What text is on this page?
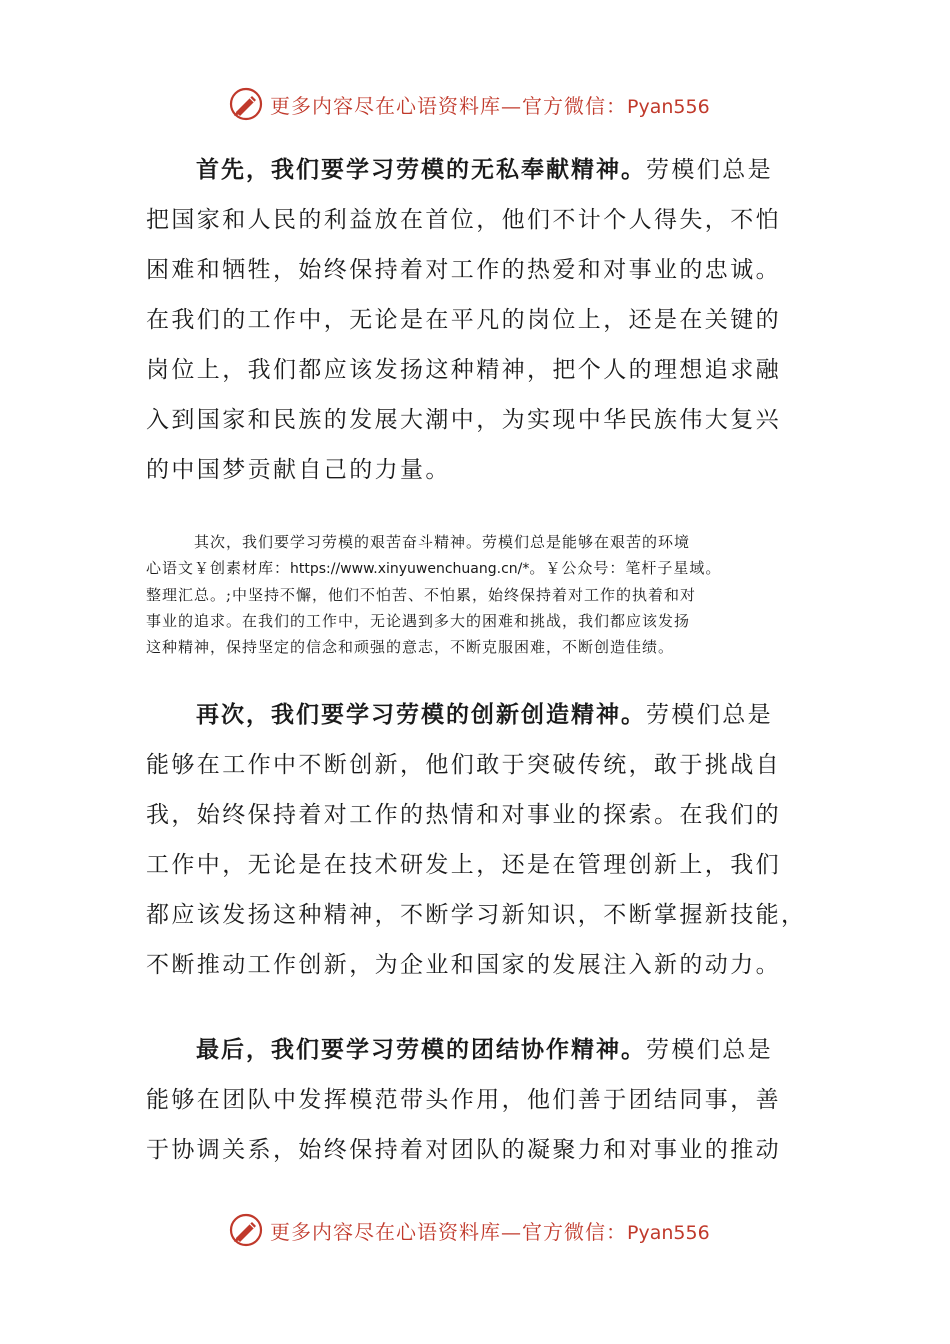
更多内容尽在心语资料库—官方微信：Pyan556
首先，我们要学习劳模的无私奉献精神。劳模们总是
把国家和人民的利益放在首位，他们不计个人得失，不怕
困难和牺牲，始终保持着对工作的热爱和对事业的忠诚。
在我们的工作中，无论是在平凡的岗位上，还是在关键的
岗位上，我们都应该发扬这种精神，把个人的理想追求融
入到国家和民族的发展大潮中，为实现中华民族伟大复兴
的中国梦贡献自己的力量。
其次，我们要学习劳模的艰苦奋斗精神。劳模们总是能够在艰苦的环境
心语文￥创素材库：https://www.xinyuwenchuang.cn/*。￥公众号：笔杆子星域。
整理汇总。;中坚持不懈，他们不怕苦、不怕累，始终保持着对工作的执着和对
事业的追求。在我们的工作中，无论遇到多大的困难和挑战，我们都应该发扬
这种精神，保持坚定的信念和顽强的意志，不断克服困难，不断创造佳绩。
再次，我们要学习劳模的创新创造精神。劳模们总是
能够在工作中不断创新，他们敢于突破传统，敢于挑战自
我，始终保持着对工作的热情和对事业的探索。在我们的
工作中，无论是在技术研发上，还是在管理创新上，我们
都应该发扬这种精神，不断学习新知识，不断掌握新技能，
不断推动工作创新，为企业和国家的发展注入新的动力。
最后，我们要学习劳模的团结协作精神。劳模们总是
能够在团队中发挥模范带头作用，他们善于团结同事，善
于协调关系，始终保持着对团队的凝聚力和对事业的推动
更多内容尽在心语资料库—官方微信：Pyan556
